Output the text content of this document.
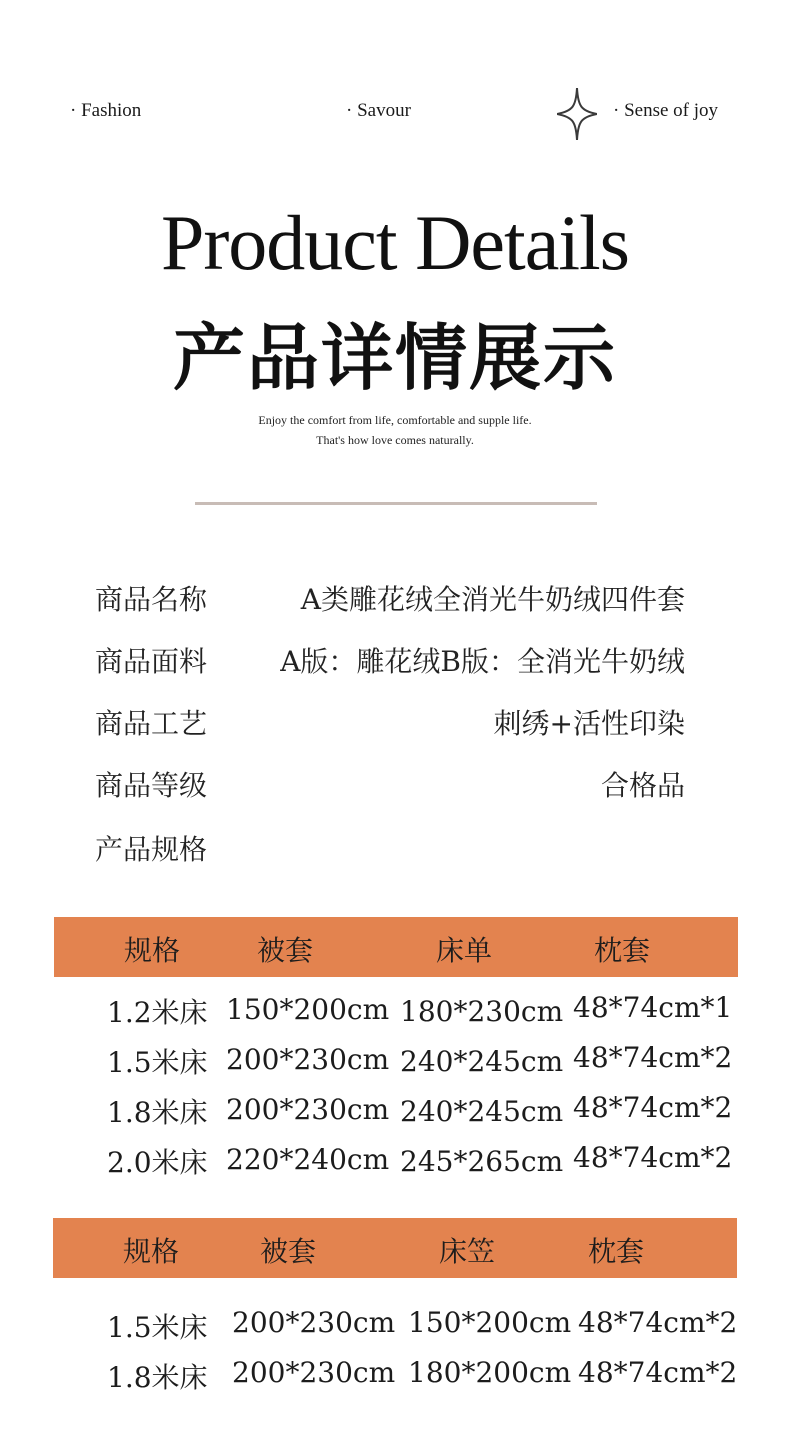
· Fashion	· Savour	· Sense of joy
Product Details
产品详情展示
Enjoy the comfort from life, comfortable and supple life.
That's how love comes naturally.
商品名称	A类雕花绒全消光牛奶绒四件套
商品面料	A版：雕花绒B版：全消光牛奶绒
商品工艺	刺绣+活性印染
商品等级	合格品
产品规格
规格	被套	床单	枕套
1.2米床 150*200cm 180*230cm 48*74cm*1
1.5米床 200*230cm 240*245cm 48*74cm*2
1.8米床 200*230cm 240*245cm 48*74cm*2
2.0米床 220*240cm 245*265cm 48*74cm*2
规格	被套	床笠	枕套
1.5米床 200*230cm 150*200cm 48*74cm*2
1.8米床 200*230cm 180*200cm 48*74cm*2
